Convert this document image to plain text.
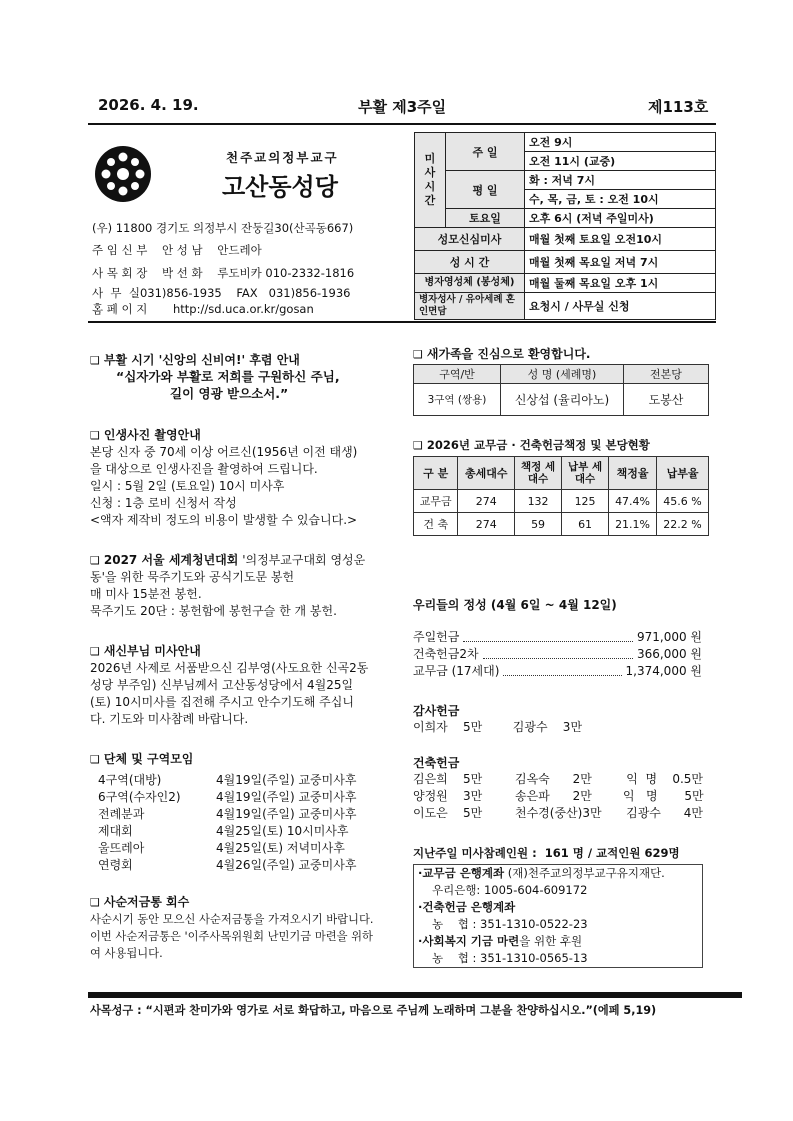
2026. 4. 19.	부활 제3주일	제113호
천주교의정부교구
고산동성당
(우) 11800 경기도 의정부시 잔둥길30(산곡동667)
주 임 신 부    안 성 남    안드레아
사 목 회 장    박 선 화    루도비카 010-2332-1816
사  무  실031)856-1935    FAX   031)856-1936
홈 페 이 지       http://sd.uca.or.kr/gosan
미사시간	주 일	오전 9시
		오전 11시 (교중)
	평 일	화 : 저녁 7시
		수, 목, 금, 토 : 오전 10시
	토요일	오후 6시 (저녁 주일미사)
성모신심미사		매월 첫째 토요일 오전10시
성 시 간		매월 첫째 목요일 저녁 7시
병자영성체 (봉성체)		매월 둘째 목요일 오후 1시
병자성사 / 유아세례 혼인면담		요청시 / 사무실 신청
❑ 부활 시기 '신앙의 신비여!' 후렴 안내
“십자가와 부활로 저희를 구원하신 주님,
길이 영광 받으소서.”
❑ 인생사진 촬영안내
본당 신자 중 70세 이상 어르신(1956년 이전 태생)
을 대상으로 인생사진을 촬영하여 드립니다.
일시 : 5월 2일 (토요일) 10시 미사후
신청 : 1층 로비 신청서 작성
<액자 제작비 정도의 비용이 발생할 수 있습니다.>
❑ 2027 서울 세계청년대회 '의정부교구대회 영성운
동'을 위한 묵주기도와 공식기도문 봉헌
매 미사 15분전 봉헌.
묵주기도 20단 : 봉헌함에 봉헌구슬 한 개 봉헌.
❑ 새신부님 미사안내
2026년 사제로 서품받으신 김부영(사도요한 신곡2동
성당 부주임) 신부님께서 고산동성당에서 4월25일
(토) 10시미사를 집전해 주시고 안수기도해 주십니
다. 기도와 미사참례 바랍니다.
❑ 단체 및 구역모임
4구역(대방)	4월19일(주일) 교중미사후
6구역(수자인2)	4월19일(주일) 교중미사후
전례분과	4월19일(주일) 교중미사후
제대회	4월25일(토) 10시미사후
울뜨레아	4월25일(토) 저녁미사후
연령회	4월26일(주일) 교중미사후
❑ 사순저금통 회수
사순시기 동안 모으신 사순저금통을 가져오시기 바랍니다.
이번 사순저금통은 '이주사목위원회 난민기금 마련을 위하
여 사용됩니다.
❑ 새가족을 진심으로 환영합니다.
구역/반	성 명 (세례명)	전본당
3구역 (쌍용)	신상섭 (율리아노)	도봉산
❑ 2026년 교무금 · 건축헌금책정 및 본당현황
구 분	총세대수	책정 세대수	납부 세대수	책정율	납부율
교무금	274	132	125	47.4%	45.6 %
건 축	274	59	61	21.1%	22.2 %
우리들의 정성 (4월 6일 ~ 4월 12일)
주일헌금	971,000 원
건축헌금2차	366,000 원
교무금 (17세대)	1,374,000 원
감사헌금
이희자    5만        김광수    3만
건축헌금
김은희    5만	김옥숙      2만	익  명    0.5만
양정원    3만	송은파      2만	익   명       5만
이도은    5만	천수경(중산)3만	김광수      4만
지난주일 미사참례인원 :  161 명 / 교적인원 629명
·교무금 은행계좌 (재)천주교의정부교구유지재단.
우리은행: 1005-604-609172
·건축헌금 은행계좌
농    협 : 351-1310-0522-23
·사회복지 기금 마련을 위한 후원
농    협 : 351-1310-0565-13
사목성구 : “시편과 찬미가와 영가로 서로 화답하고, 마음으로 주님께 노래하며 그분을 찬양하십시오.”(에페 5,19)
